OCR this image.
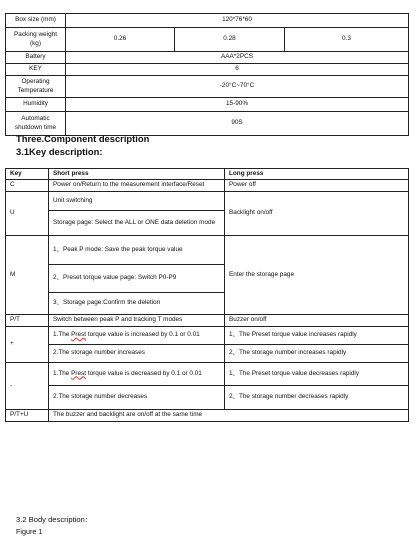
Box size (mm)	120*76*60		

Packing weight
(kg)	0.26	0.28	0.3
Battery	AAA*2PCS		
KEY	6		

Operating
Temperature	-20°C~70°C		
Humidity	15-90%		

Automatic
shutdown time	90S		
Three.Component description
3.1Key description:
Key	Short press	Long press
C	Power on/Return to the measurement interface/Reset	Power off
U	Unit switching	Backlight on/off
	Storage page: Select the ALL or ONE data deletion mode	
M	1、Peak P mode: Save the peak torque value	Enter the storage page
	2、Preset torque value page: Switch P0-P9	
	3、Storage page:Confirm the deletion	
P/T	Switch between peak P and tracking T modes	Buzzer on/off
+	1.The Prest torque value is increased by 0.1 or 0.01	1、The Preset torque value increases rapidly
	2.The storage number increases	2、The storage number increases rapidly
-	1.The Prest torque value is decreased by 0.1 or 0.01	1、The Preset torque value decreases rapidly
	2.The storage number decreases	2、The storage number decreases rapidly
P/T+U	The buzzer and backlight are on/off at the same time	
3.2 Body description：
Figure 1
